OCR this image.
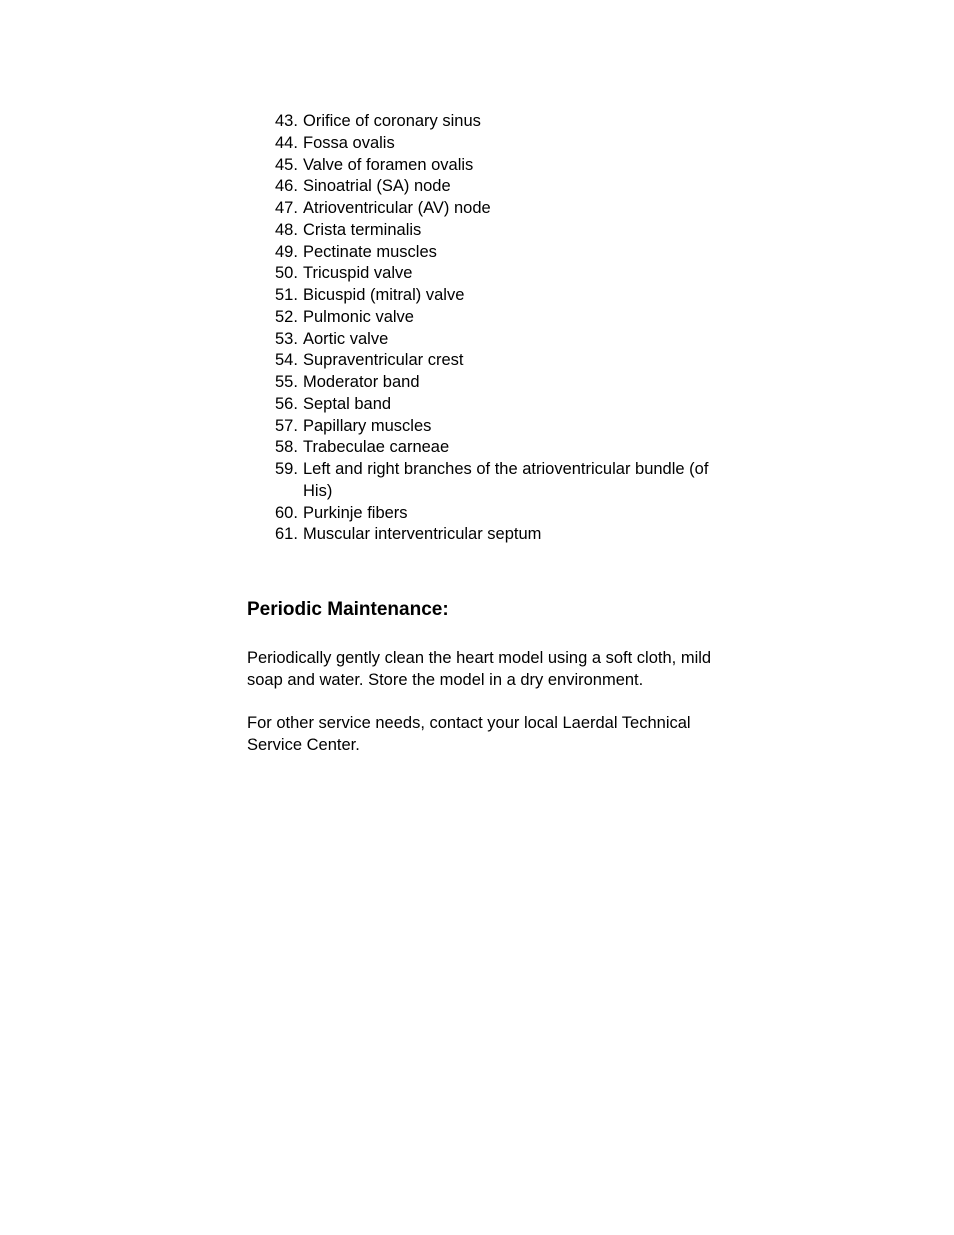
43. Orifice of coronary sinus
44. Fossa ovalis
45. Valve of foramen ovalis
46. Sinoatrial (SA) node
47. Atrioventricular (AV) node
48. Crista terminalis
49. Pectinate muscles
50. Tricuspid valve
51. Bicuspid (mitral) valve
52. Pulmonic valve
53. Aortic valve
54. Supraventricular crest
55. Moderator band
56. Septal band
57. Papillary muscles
58. Trabeculae carneae
59. Left and right branches of the atrioventricular bundle (of His)
60. Purkinje fibers
61. Muscular interventricular septum
Periodic Maintenance:

Periodically gently clean the heart model using a soft cloth, mild soap and water. Store the model in a dry environment.

For other service needs, contact your local Laerdal Technical Service Center.
